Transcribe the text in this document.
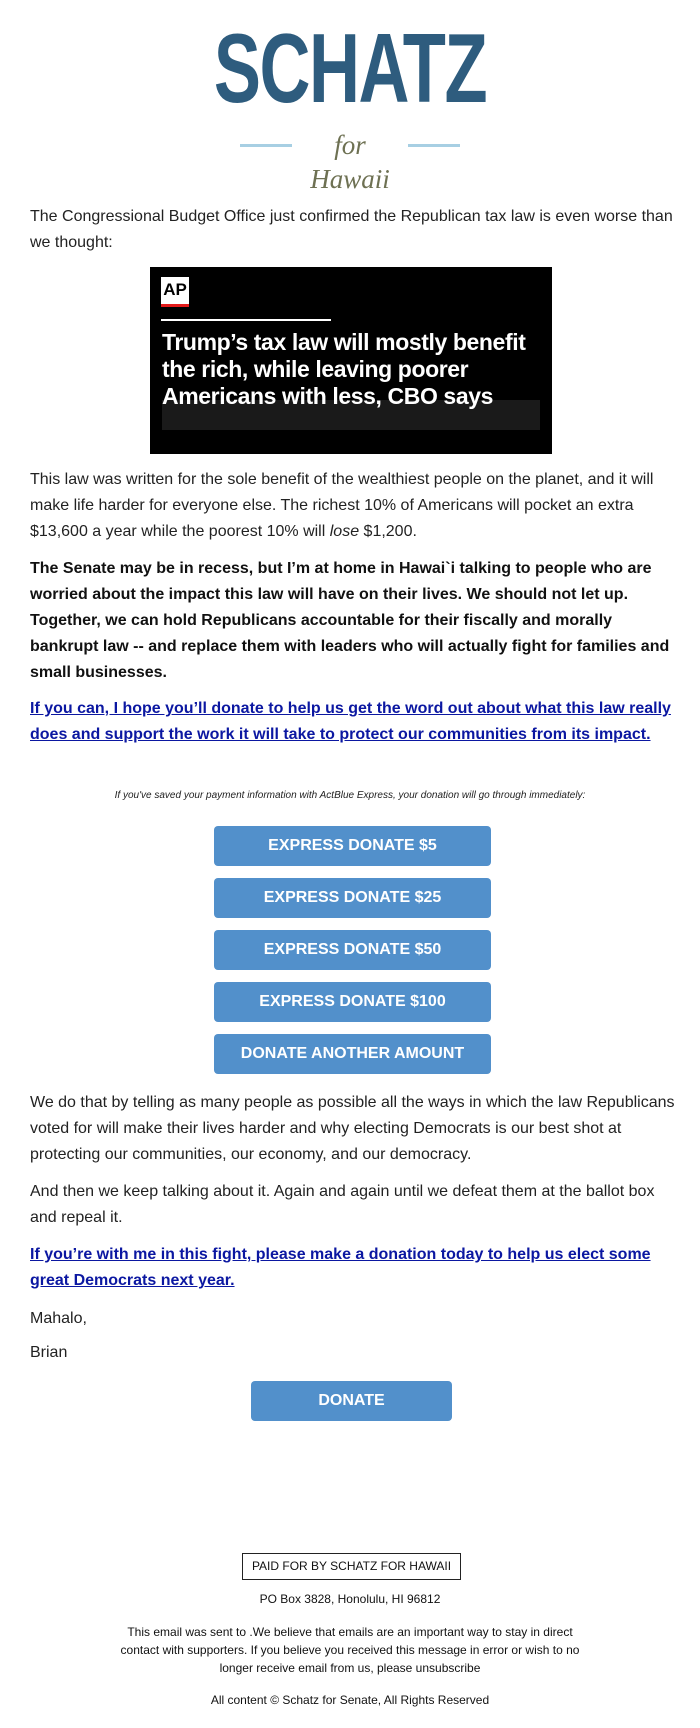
SCHATZ
for Hawaii
The Congressional Budget Office just confirmed the Republican tax law is even worse than we thought:
AP
Trump’s tax law will mostly benefit the rich, while leaving poorer Americans with less, CBO says
This law was written for the sole benefit of the wealthiest people on the planet, and it will make life harder for everyone else. The richest 10% of Americans will pocket an extra $13,600 a year while the poorest 10% will lose $1,200.
The Senate may be in recess, but I’m at home in Hawai`i talking to people who are worried about the impact this law will have on their lives. We should not let up. Together, we can hold Republicans accountable for their fiscally and morally bankrupt law -- and replace them with leaders who will actually fight for families and small businesses.
If you can, I hope you’ll donate to help us get the word out about what this law really does and support the work it will take to protect our communities from its impact.
If you've saved your payment information with ActBlue Express, your donation will go through immediately:
EXPRESS DONATE $5
EXPRESS DONATE $25
EXPRESS DONATE $50
EXPRESS DONATE $100
DONATE ANOTHER AMOUNT
We do that by telling as many people as possible all the ways in which the law Republicans voted for will make their lives harder and why electing Democrats is our best shot at protecting our communities, our economy, and our democracy.
And then we keep talking about it. Again and again until we defeat them at the ballot box and repeal it.
If you’re with me in this fight, please make a donation today to help us elect some great Democrats next year.
Mahalo,
Brian
DONATE
PAID FOR BY SCHATZ FOR HAWAII
PO Box 3828, Honolulu, HI 96812
This email was sent to .We believe that emails are an important way to stay in direct contact with supporters. If you believe you received this message in error or wish to no longer receive email from us, please unsubscribe
All content © Schatz for Senate, All Rights Reserved
